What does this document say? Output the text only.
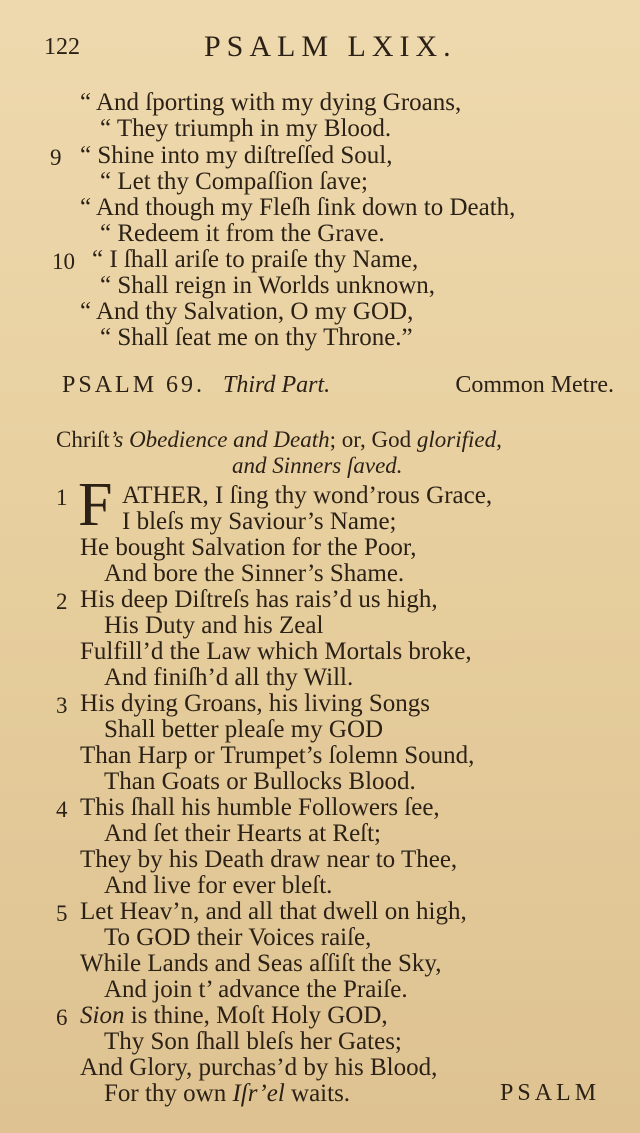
122	PSALM LXIX.
“ And ſporting with my dying Groans,
“ They triumph in my Blood.
9 “ Shine into my diſtreſſed Soul,
“ Let thy Compaſſion ſave;
“ And though my Fleſh ſink down to Death,
“ Redeem it from the Grave.
10 “ I ſhall ariſe to praiſe thy Name,
“ Shall reign in Worlds unknown,
“ And thy Salvation, O my GOD,
“ Shall ſeat me on thy Throne.”
PSALM 69. Third Part.	Common Metre.
Chriſt’s Obedience and Death; or, God glorified,
and Sinners ſaved.
1 F ATHER, I ſing thy wond’rous Grace,
I bleſs my Saviour’s Name;
He bought Salvation for the Poor,
And bore the Sinner’s Shame.
2 His deep Diſtreſs has rais’d us high,
His Duty and his Zeal
Fulfill’d the Law which Mortals broke,
And finiſh’d all thy Will.
3 His dying Groans, his living Songs
Shall better pleaſe my GOD
Than Harp or Trumpet’s ſolemn Sound,
Than Goats or Bullocks Blood.
4 This ſhall his humble Followers ſee,
And ſet their Hearts at Reſt;
They by his Death draw near to Thee,
And live for ever bleſt.
5 Let Heav’n, and all that dwell on high,
To GOD their Voices raiſe,
While Lands and Seas aſſiſt the Sky,
And join t’ advance the Praiſe.
6 Sion is thine, Moſt Holy GOD,
Thy Son ſhall bleſs her Gates;
And Glory, purchas’d by his Blood,
For thy own Iſr’el waits.	PSALM
